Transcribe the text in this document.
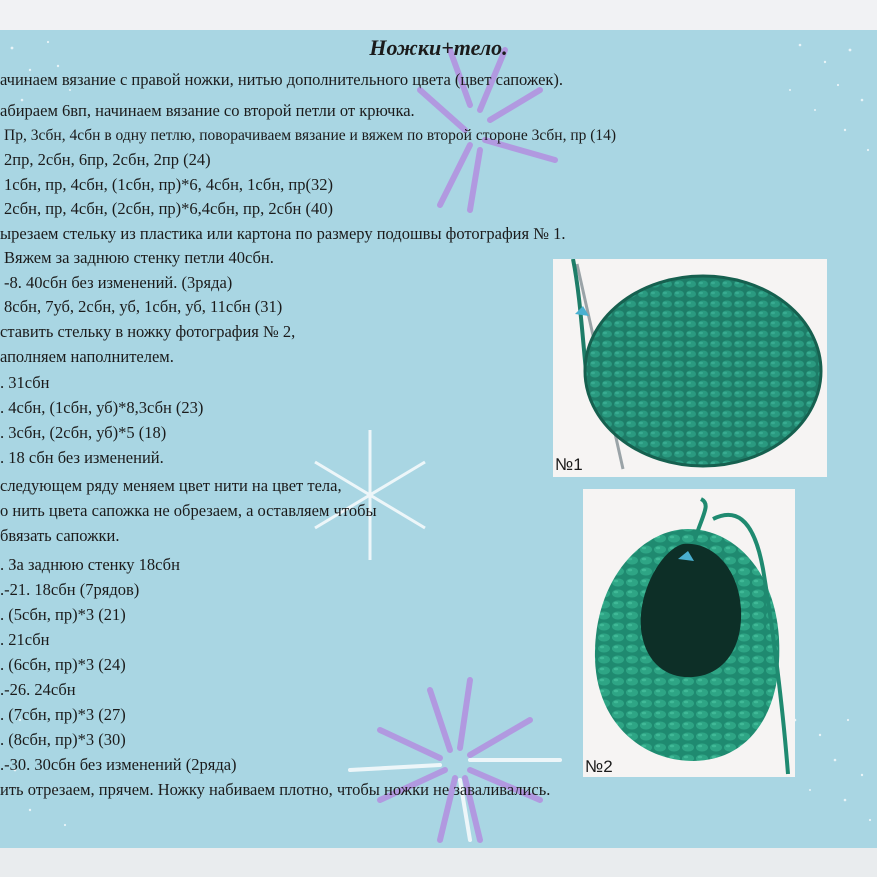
Ножки+тело.
ачинаем вязание с правой ножки, нитью дополнительного цвета (цвет сапожек).
абираем 6вп, начинаем вязание со второй петли от крючка.
Пр, 3сбн, 4сбн в одну петлю, поворачиваем вязание и вяжем по второй стороне 3сбн, пр (14)
2пр, 2сбн, 6пр, 2сбн, 2пр (24)
1сбн, пр, 4сбн, (1сбн, пр)*6, 4сбн, 1сбн, пр(32)
2сбн, пр, 4сбн, (2сбн, пр)*6,4сбн, пр, 2сбн (40)
ырезаем стельку из пластика или картона по размеру подошвы фотография № 1.
Вяжем за заднюю стенку петли 40сбн.
-8. 40сбн без изменений. (3ряда)
8сбн, 7уб, 2сбн, уб, 1сбн, уб, 11сбн (31)
ставить стельку в ножку фотография № 2,
аполняем наполнителем.
. 31сбн
. 4сбн, (1сбн, уб)*8,3сбн (23)
. 3сбн, (2сбн, уб)*5 (18)
. 18 сбн без изменений.
следующем ряду меняем цвет нити на цвет тела,
о нить цвета сапожка не обрезаем, а оставляем чтобы
бвязать сапожки.
. За заднюю стенку 18сбн
.-21. 18сбн (7рядов)
. (5сбн, пр)*3 (21)
. 21сбн
. (6сбн, пр)*3 (24)
.-26. 24сбн
. (7сбн, пр)*3 (27)
. (8сбн, пр)*3 (30)
.-30. 30сбн без изменений (2ряда)
ить отрезаем, прячем. Ножку набиваем плотно, чтобы ножки не заваливались.
№1
№2
